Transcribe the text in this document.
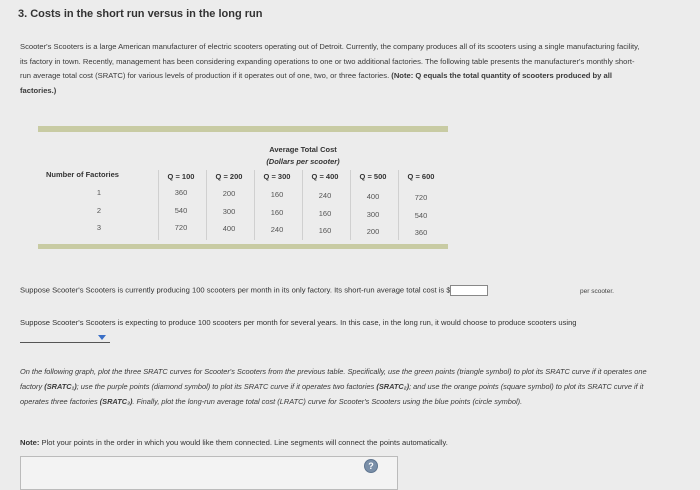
3. Costs in the short run versus in the long run
Scooter's Scooters is a large American manufacturer of electric scooters operating out of Detroit. Currently, the company produces all of its scooters using a single manufacturing facility, its factory in town. Recently, management has been considering expanding operations to one or two additional factories. The following table presents the manufacturer's monthly short-run average total cost (SRATC) for various levels of production if it operates out of one, two, or three factories. (Note: Q equals the total quantity of scooters produced by all factories.)
Average Total Cost
(Dollars per scooter)
Number of Factories	Q = 100	Q = 200	Q = 300	Q = 400	Q = 500	Q = 600
1	360	200	160	240	400	720
2	540	300	160	160	300	540
3	720	400	240	160	200	360
Suppose Scooter's Scooters is currently producing 100 scooters per month in its only factory. Its short-run average total cost is $	per scooter.
Suppose Scooter's Scooters is expecting to produce 100 scooters per month for several years. In this case, in the long run, it would choose to produce scooters using
On the following graph, plot the three SRATC curves for Scooter's Scooters from the previous table. Specifically, use the green points (triangle symbol) to plot its SRATC curve if it operates one factory (SRATC₁); use the purple points (diamond symbol) to plot its SRATC curve if it operates two factories (SRATC₂); and use the orange points (square symbol) to plot its SRATC curve if it operates three factories (SRATC₃). Finally, plot the long-run average total cost (LRATC) curve for Scooter's Scooters using the blue points (circle symbol).
Note: Plot your points in the order in which you would like them connected. Line segments will connect the points automatically.
?
